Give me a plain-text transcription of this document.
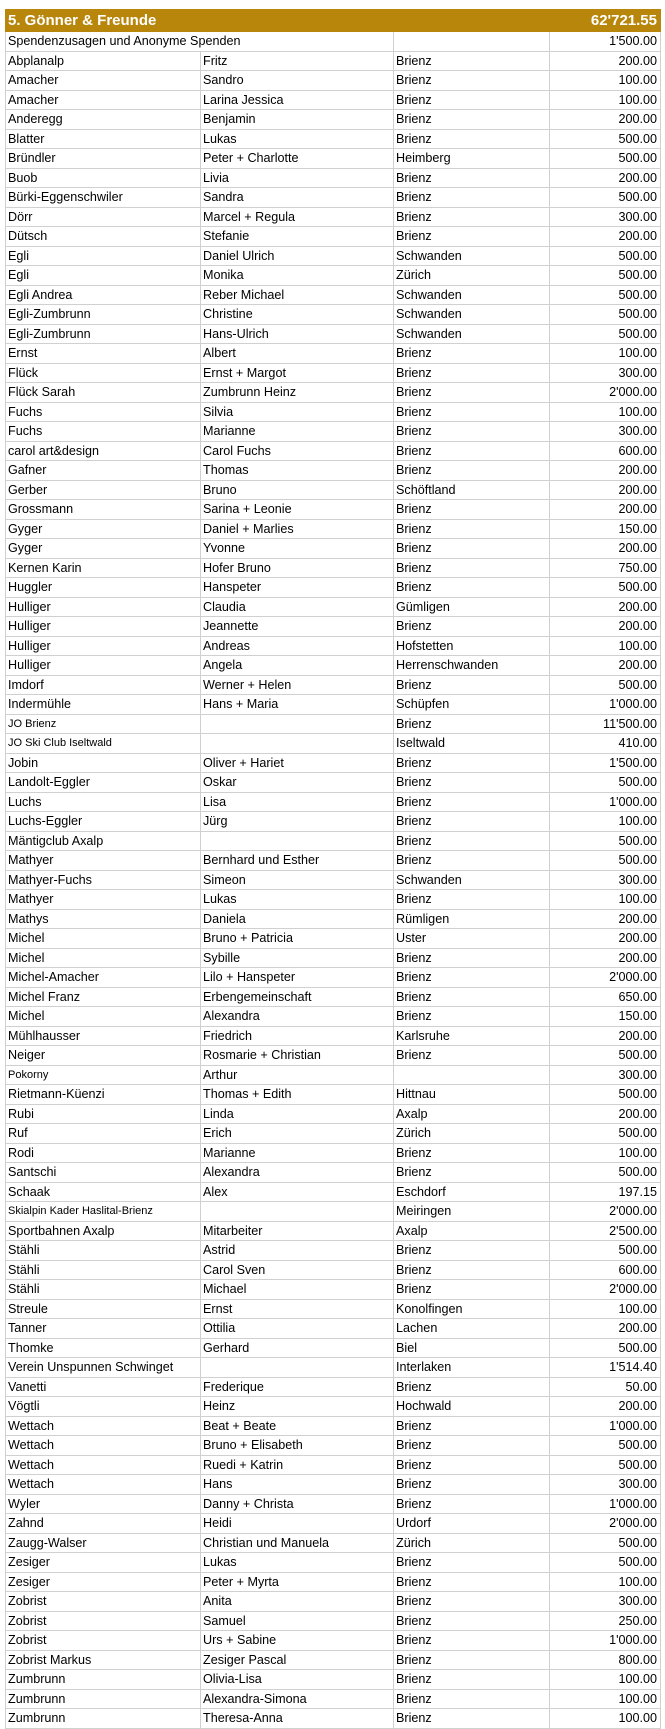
5. Gönner & Freunde			62'721.55
Spendenzusagen und Anonyme Spenden			1'500.00
Abplanalp	Fritz	Brienz	200.00
Amacher	Sandro	Brienz	100.00
Amacher	Larina Jessica	Brienz	100.00
Anderegg	Benjamin	Brienz	200.00
Blatter	Lukas	Brienz	500.00
Bründler	Peter + Charlotte	Heimberg	500.00
Buob	Livia	Brienz	200.00
Bürki-Eggenschwiler	Sandra	Brienz	500.00
Dörr	Marcel + Regula	Brienz	300.00
Dütsch	Stefanie	Brienz	200.00
Egli	Daniel Ulrich	Schwanden	500.00
Egli	Monika	Zürich	500.00
Egli Andrea	Reber Michael	Schwanden	500.00
Egli-Zumbrunn	Christine	Schwanden	500.00
Egli-Zumbrunn	Hans-Ulrich	Schwanden	500.00
Ernst	Albert	Brienz	100.00
Flück	Ernst + Margot	Brienz	300.00
Flück Sarah	Zumbrunn Heinz	Brienz	2'000.00
Fuchs	Silvia	Brienz	100.00
Fuchs	Marianne	Brienz	300.00
carol art&design	Carol Fuchs	Brienz	600.00
Gafner	Thomas	Brienz	200.00
Gerber	Bruno	Schöftland	200.00
Grossmann	Sarina + Leonie	Brienz	200.00
Gyger	Daniel + Marlies	Brienz	150.00
Gyger	Yvonne	Brienz	200.00
Kernen Karin	Hofer Bruno	Brienz	750.00
Huggler	Hanspeter	Brienz	500.00
Hulliger	Claudia	Gümligen	200.00
Hulliger	Jeannette	Brienz	200.00
Hulliger	Andreas	Hofstetten	100.00
Hulliger	Angela	Herrenschwanden	200.00
Imdorf	Werner + Helen	Brienz	500.00
Indermühle	Hans + Maria	Schüpfen	1'000.00
JO Brienz		Brienz	11'500.00
JO Ski Club Iseltwald		Iseltwald	410.00
Jobin	Oliver + Hariet	Brienz	1'500.00
Landolt-Eggler	Oskar	Brienz	500.00
Luchs	Lisa	Brienz	1'000.00
Luchs-Eggler	Jürg	Brienz	100.00
Mäntigclub Axalp		Brienz	500.00
Mathyer	Bernhard und Esther	Brienz	500.00
Mathyer-Fuchs	Simeon	Schwanden	300.00
Mathyer	Lukas	Brienz	100.00
Mathys	Daniela	Rümligen	200.00
Michel	Bruno + Patricia	Uster	200.00
Michel	Sybille	Brienz	200.00
Michel-Amacher	Lilo + Hanspeter	Brienz	2'000.00
Michel Franz	Erbengemeinschaft	Brienz	650.00
Michel	Alexandra	Brienz	150.00
Mühlhausser	Friedrich	Karlsruhe	200.00
Neiger	Rosmarie + Christian	Brienz	500.00
Pokorny	Arthur		300.00
Rietmann-Küenzi	Thomas + Edith	Hittnau	500.00
Rubi	Linda	Axalp	200.00
Ruf	Erich	Zürich	500.00
Rodi	Marianne	Brienz	100.00
Santschi	Alexandra	Brienz	500.00
Schaak	Alex	Eschdorf	197.15
Skialpin Kader Haslital-Brienz		Meiringen	2'000.00
Sportbahnen Axalp	Mitarbeiter	Axalp	2'500.00
Stähli	Astrid	Brienz	500.00
Stähli	Carol Sven	Brienz	600.00
Stähli	Michael	Brienz	2'000.00
Streule	Ernst	Konolfingen	100.00
Tanner	Ottilia	Lachen	200.00
Thomke	Gerhard	Biel	500.00
Verein Unspunnen Schwinget		Interlaken	1'514.40
Vanetti	Frederique	Brienz	50.00
Vögtli	Heinz	Hochwald	200.00
Wettach	Beat + Beate	Brienz	1'000.00
Wettach	Bruno + Elisabeth	Brienz	500.00
Wettach	Ruedi + Katrin	Brienz	500.00
Wettach	Hans	Brienz	300.00
Wyler	Danny + Christa	Brienz	1'000.00
Zahnd	Heidi	Urdorf	2'000.00
Zaugg-Walser	Christian und Manuela	Zürich	500.00
Zesiger	Lukas	Brienz	500.00
Zesiger	Peter + Myrta	Brienz	100.00
Zobrist	Anita	Brienz	300.00
Zobrist	Samuel	Brienz	250.00
Zobrist	Urs + Sabine	Brienz	1'000.00
Zobrist Markus	Zesiger Pascal	Brienz	800.00
Zumbrunn	Olivia-Lisa	Brienz	100.00
Zumbrunn	Alexandra-Simona	Brienz	100.00
Zumbrunn	Theresa-Anna	Brienz	100.00
